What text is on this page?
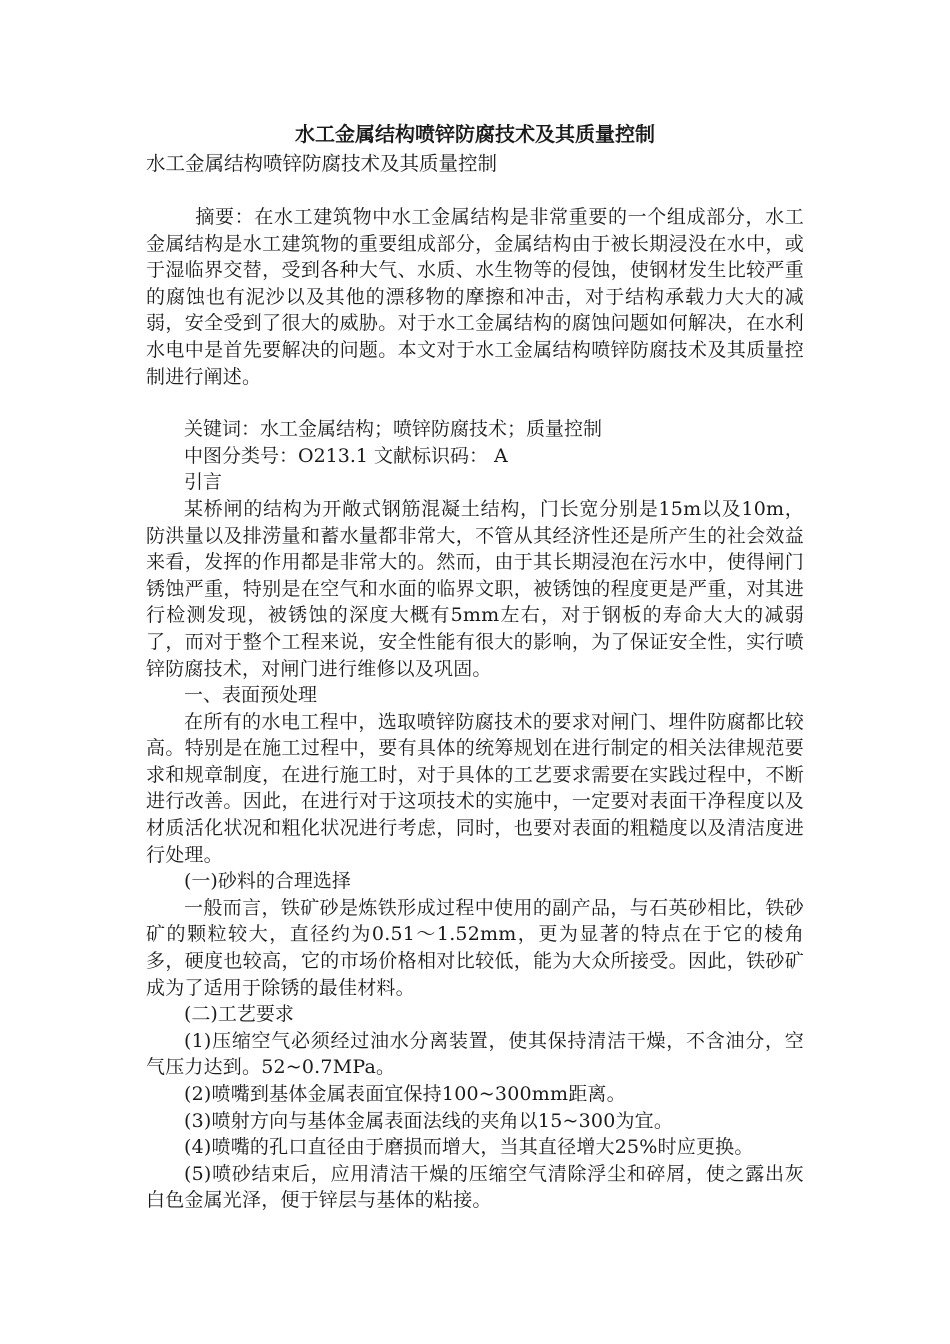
水工金属结构喷锌防腐技术及其质量控制

水工金属结构喷锌防腐技术及其质量控制

摘要：在水工建筑物中水工金属结构是非常重要的一个组成部分，水工金属结构是水工建筑物的重要组成部分，金属结构由于被长期浸没在水中，或于湿临界交替，受到各种大气、水质、水生物等的侵蚀，使钢材发生比较严重的腐蚀也有泥沙以及其他的漂移物的摩擦和冲击，对于结构承载力大大的减弱，安全受到了很大的威胁。对于水工金属结构的腐蚀问题如何解决，在水利水电中是首先要解决的问题。本文对于水工金属结构喷锌防腐技术及其质量控制进行阐述。

关键词：水工金属结构；喷锌防腐技术；质量控制

中图分类号：O213.1 文献标识码： A

引言

某桥闸的结构为开敞式钢筋混凝土结构，门长宽分别是15m以及10m，防洪量以及排涝量和蓄水量都非常大，不管从其经济性还是所产生的社会效益来看，发挥的作用都是非常大的。然而，由于其长期浸泡在污水中，使得闸门锈蚀严重，特别是在空气和水面的临界文职，被锈蚀的程度更是严重，对其进行检测发现，被锈蚀的深度大概有5mm左右，对于钢板的寿命大大的减弱了，而对于整个工程来说，安全性能有很大的影响，为了保证安全性，实行喷锌防腐技术，对闸门进行维修以及巩固。

一、表面预处理

在所有的水电工程中，选取喷锌防腐技术的要求对闸门、埋件防腐都比较高。特别是在施工过程中，要有具体的统筹规划在进行制定的相关法律规范要求和规章制度，在进行施工时，对于具体的工艺要求需要在实践过程中，不断进行改善。因此，在进行对于这项技术的实施中，一定要对表面干净程度以及材质活化状况和粗化状况进行考虑，同时，也要对表面的粗糙度以及清洁度进行处理。

(一)砂料的合理选择

一般而言，铁矿砂是炼铁形成过程中使用的副产品，与石英砂相比，铁砂矿的颗粒较大，直径约为0.51～1.52mm，更为显著的特点在于它的棱角多，硬度也较高，它的市场价格相对比较低，能为大众所接受。因此，铁砂矿成为了适用于除锈的最佳材料。

(二)工艺要求

(1)压缩空气必须经过油水分离装置，使其保持清洁干燥，不含油分，空气压力达到。52~0.7MPa。

(2)喷嘴到基体金属表面宜保持100~300mm距离。

(3)喷射方向与基体金属表面法线的夹角以15~300为宜。

(4)喷嘴的孔口直径由于磨损而增大，当其直径增大25%时应更换。

(5)喷砂结束后，应用清洁干燥的压缩空气清除浮尘和碎屑，使之露出灰白色金属光泽，便于锌层与基体的粘接。
